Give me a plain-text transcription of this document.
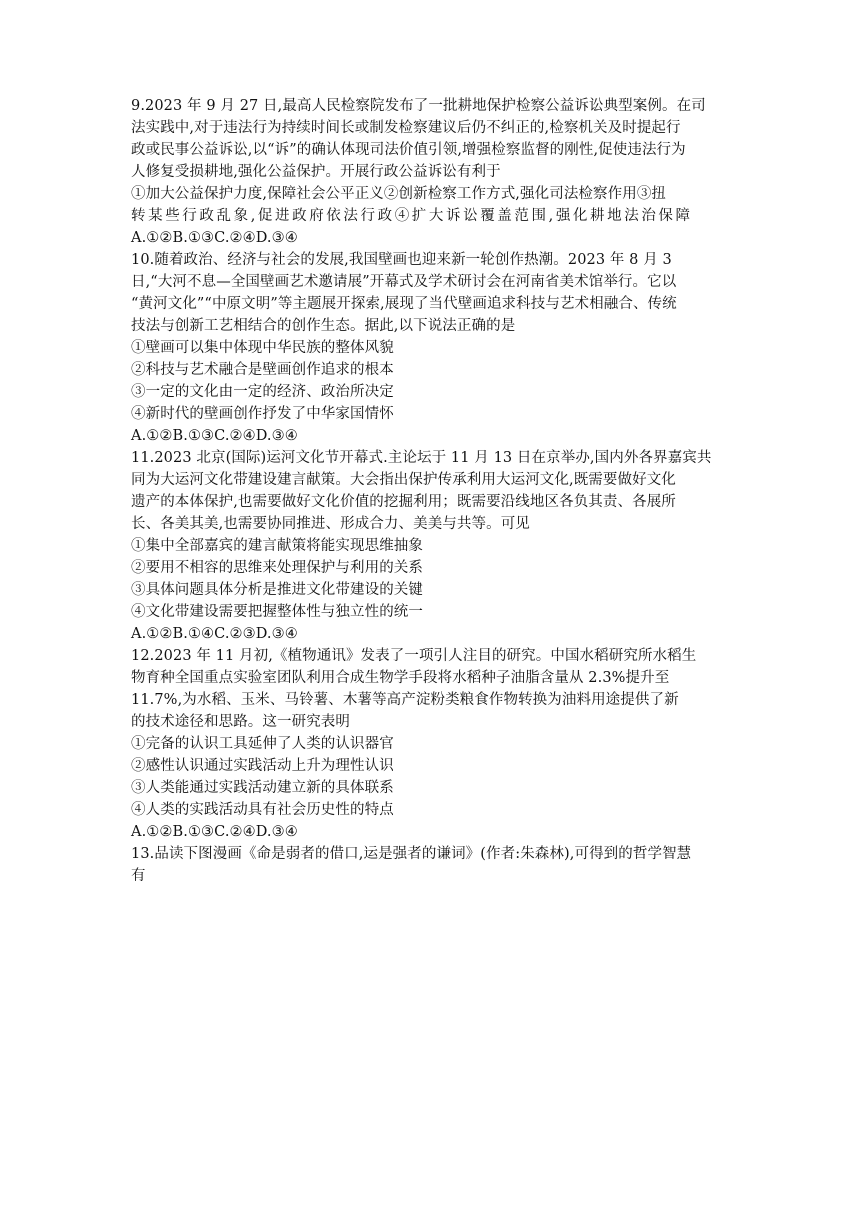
9.2023 年 9 月 27 日,最高人民检察院发布了一批耕地保护检察公益诉讼典型案例。在司
法实践中,对于违法行为持续时间长或制发检察建议后仍不纠正的,检察机关及时提起行
政或民事公益诉讼,以“诉”的确认体现司法价值引领,增强检察监督的刚性,促使违法行为
人修复受损耕地,强化公益保护。开展行政公益诉讼有利于
①加大公益保护力度,保障社会公平正义②创新检察工作方式,强化司法检察作用③扭
转某些行政乱象,促进政府依法行政④扩大诉讼覆盖范围,强化耕地法治保障
A.①②B.①③C.②④D.③④
10.随着政治、经济与社会的发展,我国壁画也迎来新一轮创作热潮。2023 年 8 月 3
日,“大河不息—全国壁画艺术邀请展”开幕式及学术研讨会在河南省美术馆举行。它以
“黄河文化”“中原文明”等主题展开探索,展现了当代壁画追求科技与艺术相融合、传统
技法与创新工艺相结合的创作生态。据此,以下说法正确的是
①壁画可以集中体现中华民族的整体风貌
②科技与艺术融合是壁画创作追求的根本
③一定的文化由一定的经济、政治所决定
④新时代的壁画创作抒发了中华家国情怀
A.①②B.①③C.②④D.③④
11.2023 北京(国际)运河文化节开幕式.主论坛于 11 月 13 日在京举办,国内外各界嘉宾共
同为大运河文化带建设建言献策。大会指出保护传承利用大运河文化,既需要做好文化
遗产的本体保护,也需要做好文化价值的挖掘利用；既需要沿线地区各负其责、各展所
长、各美其美,也需要协同推进、形成合力、美美与共等。可见
①集中全部嘉宾的建言献策将能实现思维抽象
②要用不相容的思维来处理保护与利用的关系
③具体问题具体分析是推进文化带建设的关键
④文化带建设需要把握整体性与独立性的统一
A.①②B.①④C.②③D.③④
12.2023 年 11 月初,《植物通讯》发表了一项引人注目的研究。中国水稻研究所水稻生
物育种全国重点实验室团队利用合成生物学手段将水稻种子油脂含量从 2.3%提升至
11.7%,为水稻、玉米、马铃薯、木薯等高产淀粉类粮食作物转换为油料用途提供了新
的技术途径和思路。这一研究表明
①完备的认识工具延伸了人类的认识器官
②感性认识通过实践活动上升为理性认识
③人类能通过实践活动建立新的具体联系
④人类的实践活动具有社会历史性的特点
A.①②B.①③C.②④D.③④
13.品读下图漫画《命是弱者的借口,运是强者的谦词》(作者:朱森林),可得到的哲学智慧
有
